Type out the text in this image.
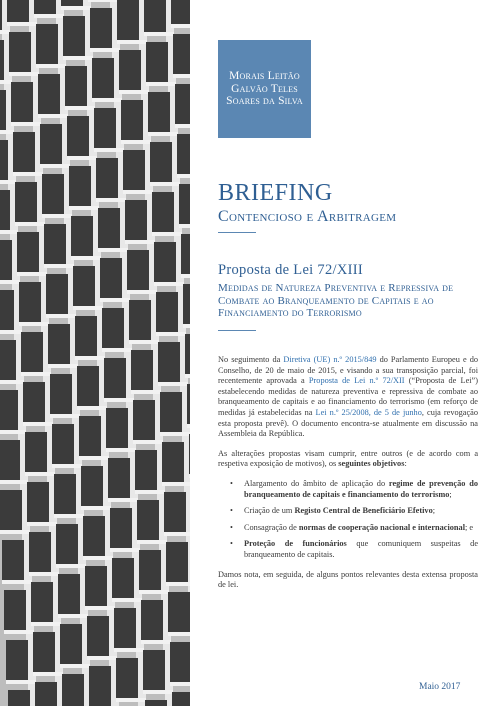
Morais Leitão
Galvão Teles
Soares da Silva
BRIEFING
Contencioso e Arbitragem
Proposta de Lei 72/XIII
Medidas de Natureza Preventiva e Repressiva de Combate ao Branqueamento de Capitais e ao Financiamento do Terrorismo

No seguimento da Diretiva (UE) n.º 2015/849 do Parlamento Europeu e do Conselho, de 20 de maio de 2015, e visando a sua transposição parcial, foi recentemente aprovada a Proposta de Lei n.º 72/XII (“Proposta de Lei”) estabelecendo medidas de natureza preventiva e repressiva de combate ao branqueamento de capitais e ao financiamento do terrorismo (em reforço de medidas já estabelecidas na Lei n.º 25/2008, de 5 de junho, cuja revogação esta proposta prevê). O documento encontra-se atualmente em discussão na Assembleia da República.

As alterações propostas visam cumprir, entre outros (e de acordo com a respetiva exposição de motivos), os seguintes objetivos:

• Alargamento do âmbito de aplicação do regime de prevenção do branqueamento de capitais e financiamento do terrorismo;
• Criação de um Registo Central de Beneficiário Efetivo;
• Consagração de normas de cooperação nacional e internacional; e
• Proteção de funcionários que comuniquem suspeitas de branqueamento de capitais.

Damos nota, em seguida, de alguns pontos relevantes desta extensa proposta de lei.

Maio 2017
